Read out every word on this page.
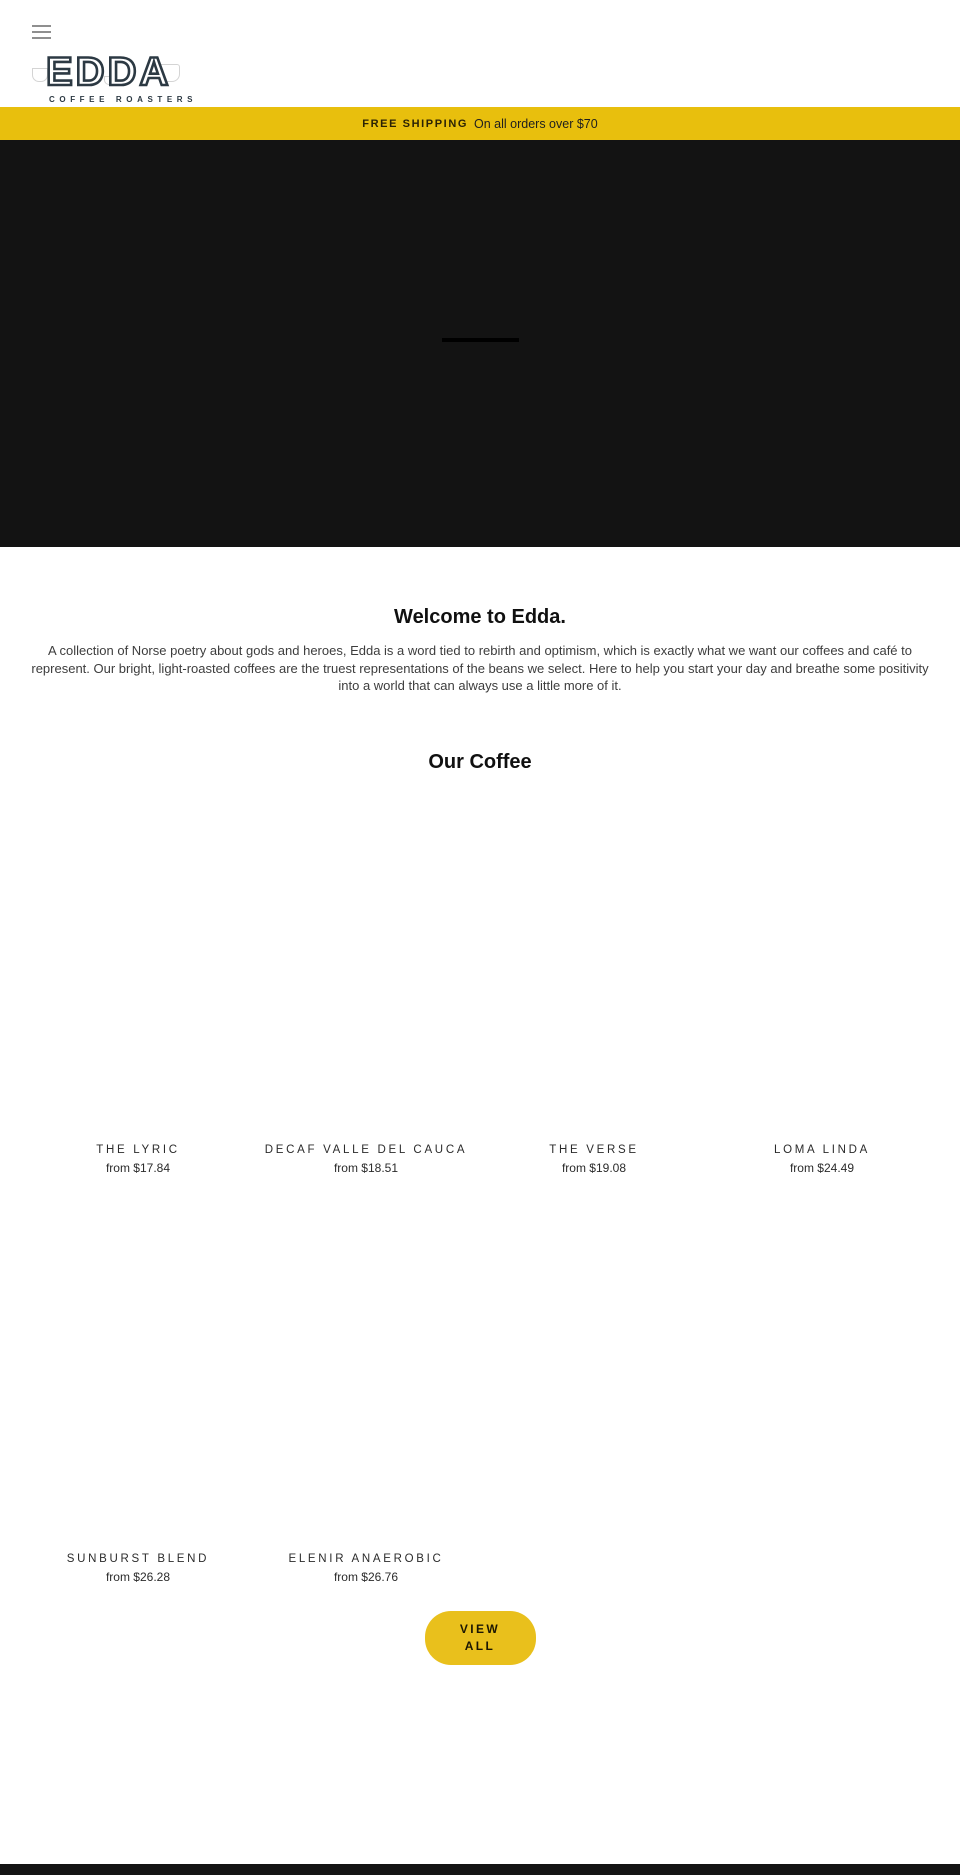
EDDA
COFFEE ROASTERS
FREE SHIPPING On all orders over $70
Welcome to Edda.

A collection of Norse poetry about gods and heroes, Edda is a word tied to rebirth and optimism, which is exactly what we want our coffees and café to represent. Our bright, light-roasted coffees are the truest representations of the beans we select. Here to help you start your day and breathe some positivity into a world that can always use a little more of it.

Our Coffee
THE LYRIC
from $17.84
DECAF VALLE DEL CAUCA
from $18.51
THE VERSE
from $19.08
LOMA LINDA
from $24.49
SUNBURST BLEND
from $26.28
ELENIR ANAEROBIC
from $26.76
VIEW
ALL
